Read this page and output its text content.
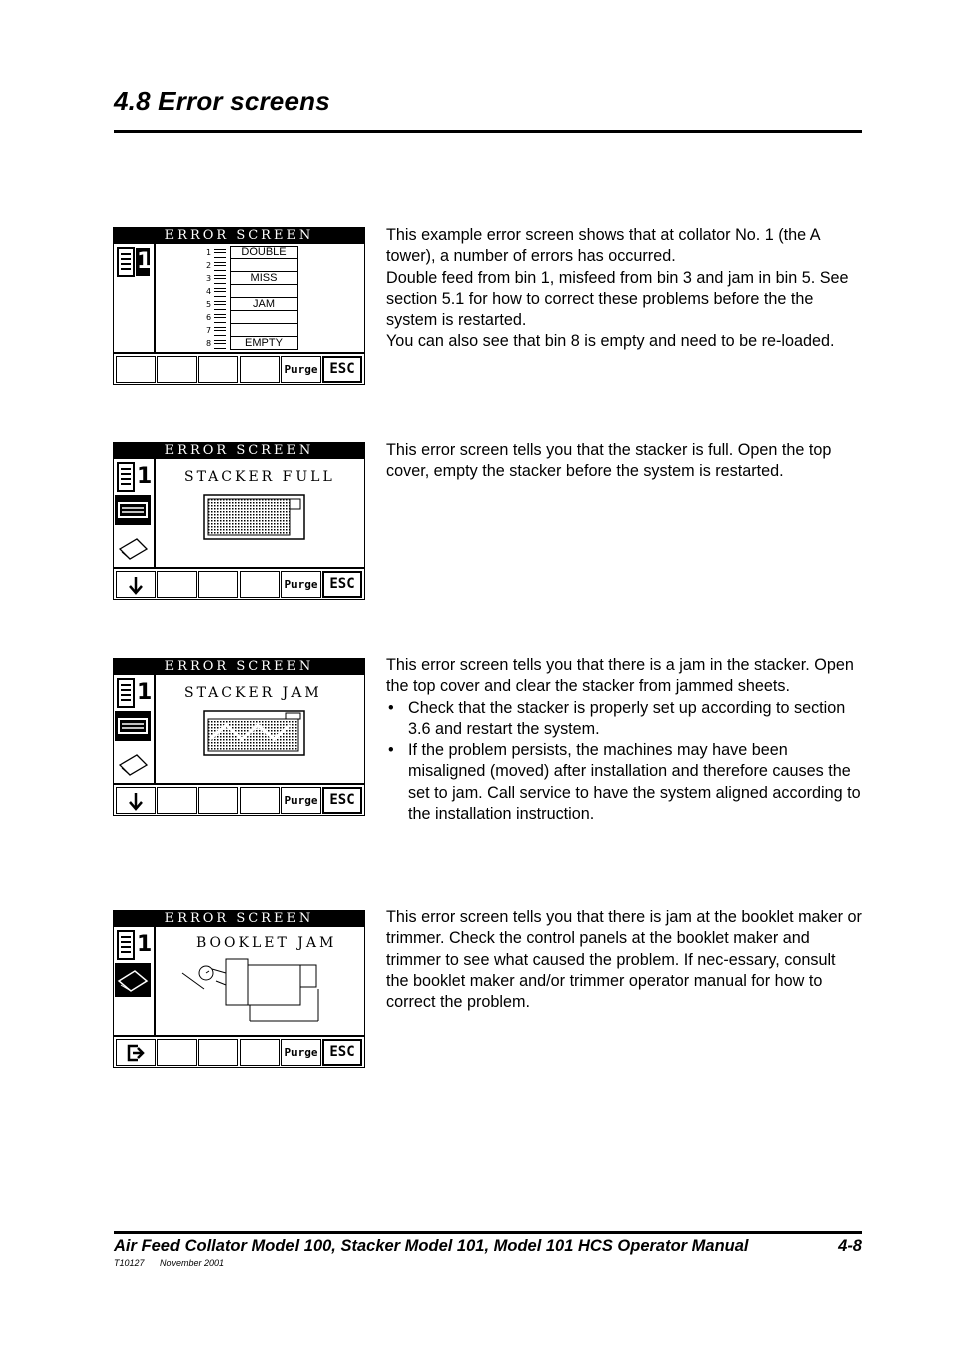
4.8 Error screens
ERROR SCREEN
1	1	DOUBLE
2
3	MISS
4
5	JAM
6
7
8	EMPTY
Purge ESC

This example error screen shows that at collator No. 1 (the A tower), a number of errors has occurred.

Double feed from bin 1, misfeed from bin 3 and jam in bin 5. See section 5.1 for how to correct these problems before the the system is restarted.

You can also see that bin 8 is empty and need to be re-loaded.

ERROR SCREEN
1 STACKER FULL
Purge ESC

This error screen tells you that the stacker is full. Open the top cover, empty the stacker before the system is restarted.

ERROR SCREEN
1 STACKER JAM
Purge ESC

This error screen tells you that there is a jam in the stacker. Open the top cover and clear the stacker from jammed sheets.

• Check that the stacker is properly set up according to section 3.6 and restart the system.
• If the problem persists, the machines may have been misaligned (moved) after installation and therefore causes the set to jam. Call service to have the system aligned according to the installation instruction.
ERROR SCREEN
1	BOOKLET JAM
Purge ESC

This error screen tells you that there is jam at the booklet maker or trimmer. Check the control panels at the booklet maker and trimmer to see what caused the problem. If nec-essary, consult the booklet maker and/or trimmer operator manual for how to correct the problem.

Air Feed Collator Model 100, Stacker Model 101, Model 101 HCS Operator Manual	4-8
T10127 November 2001
